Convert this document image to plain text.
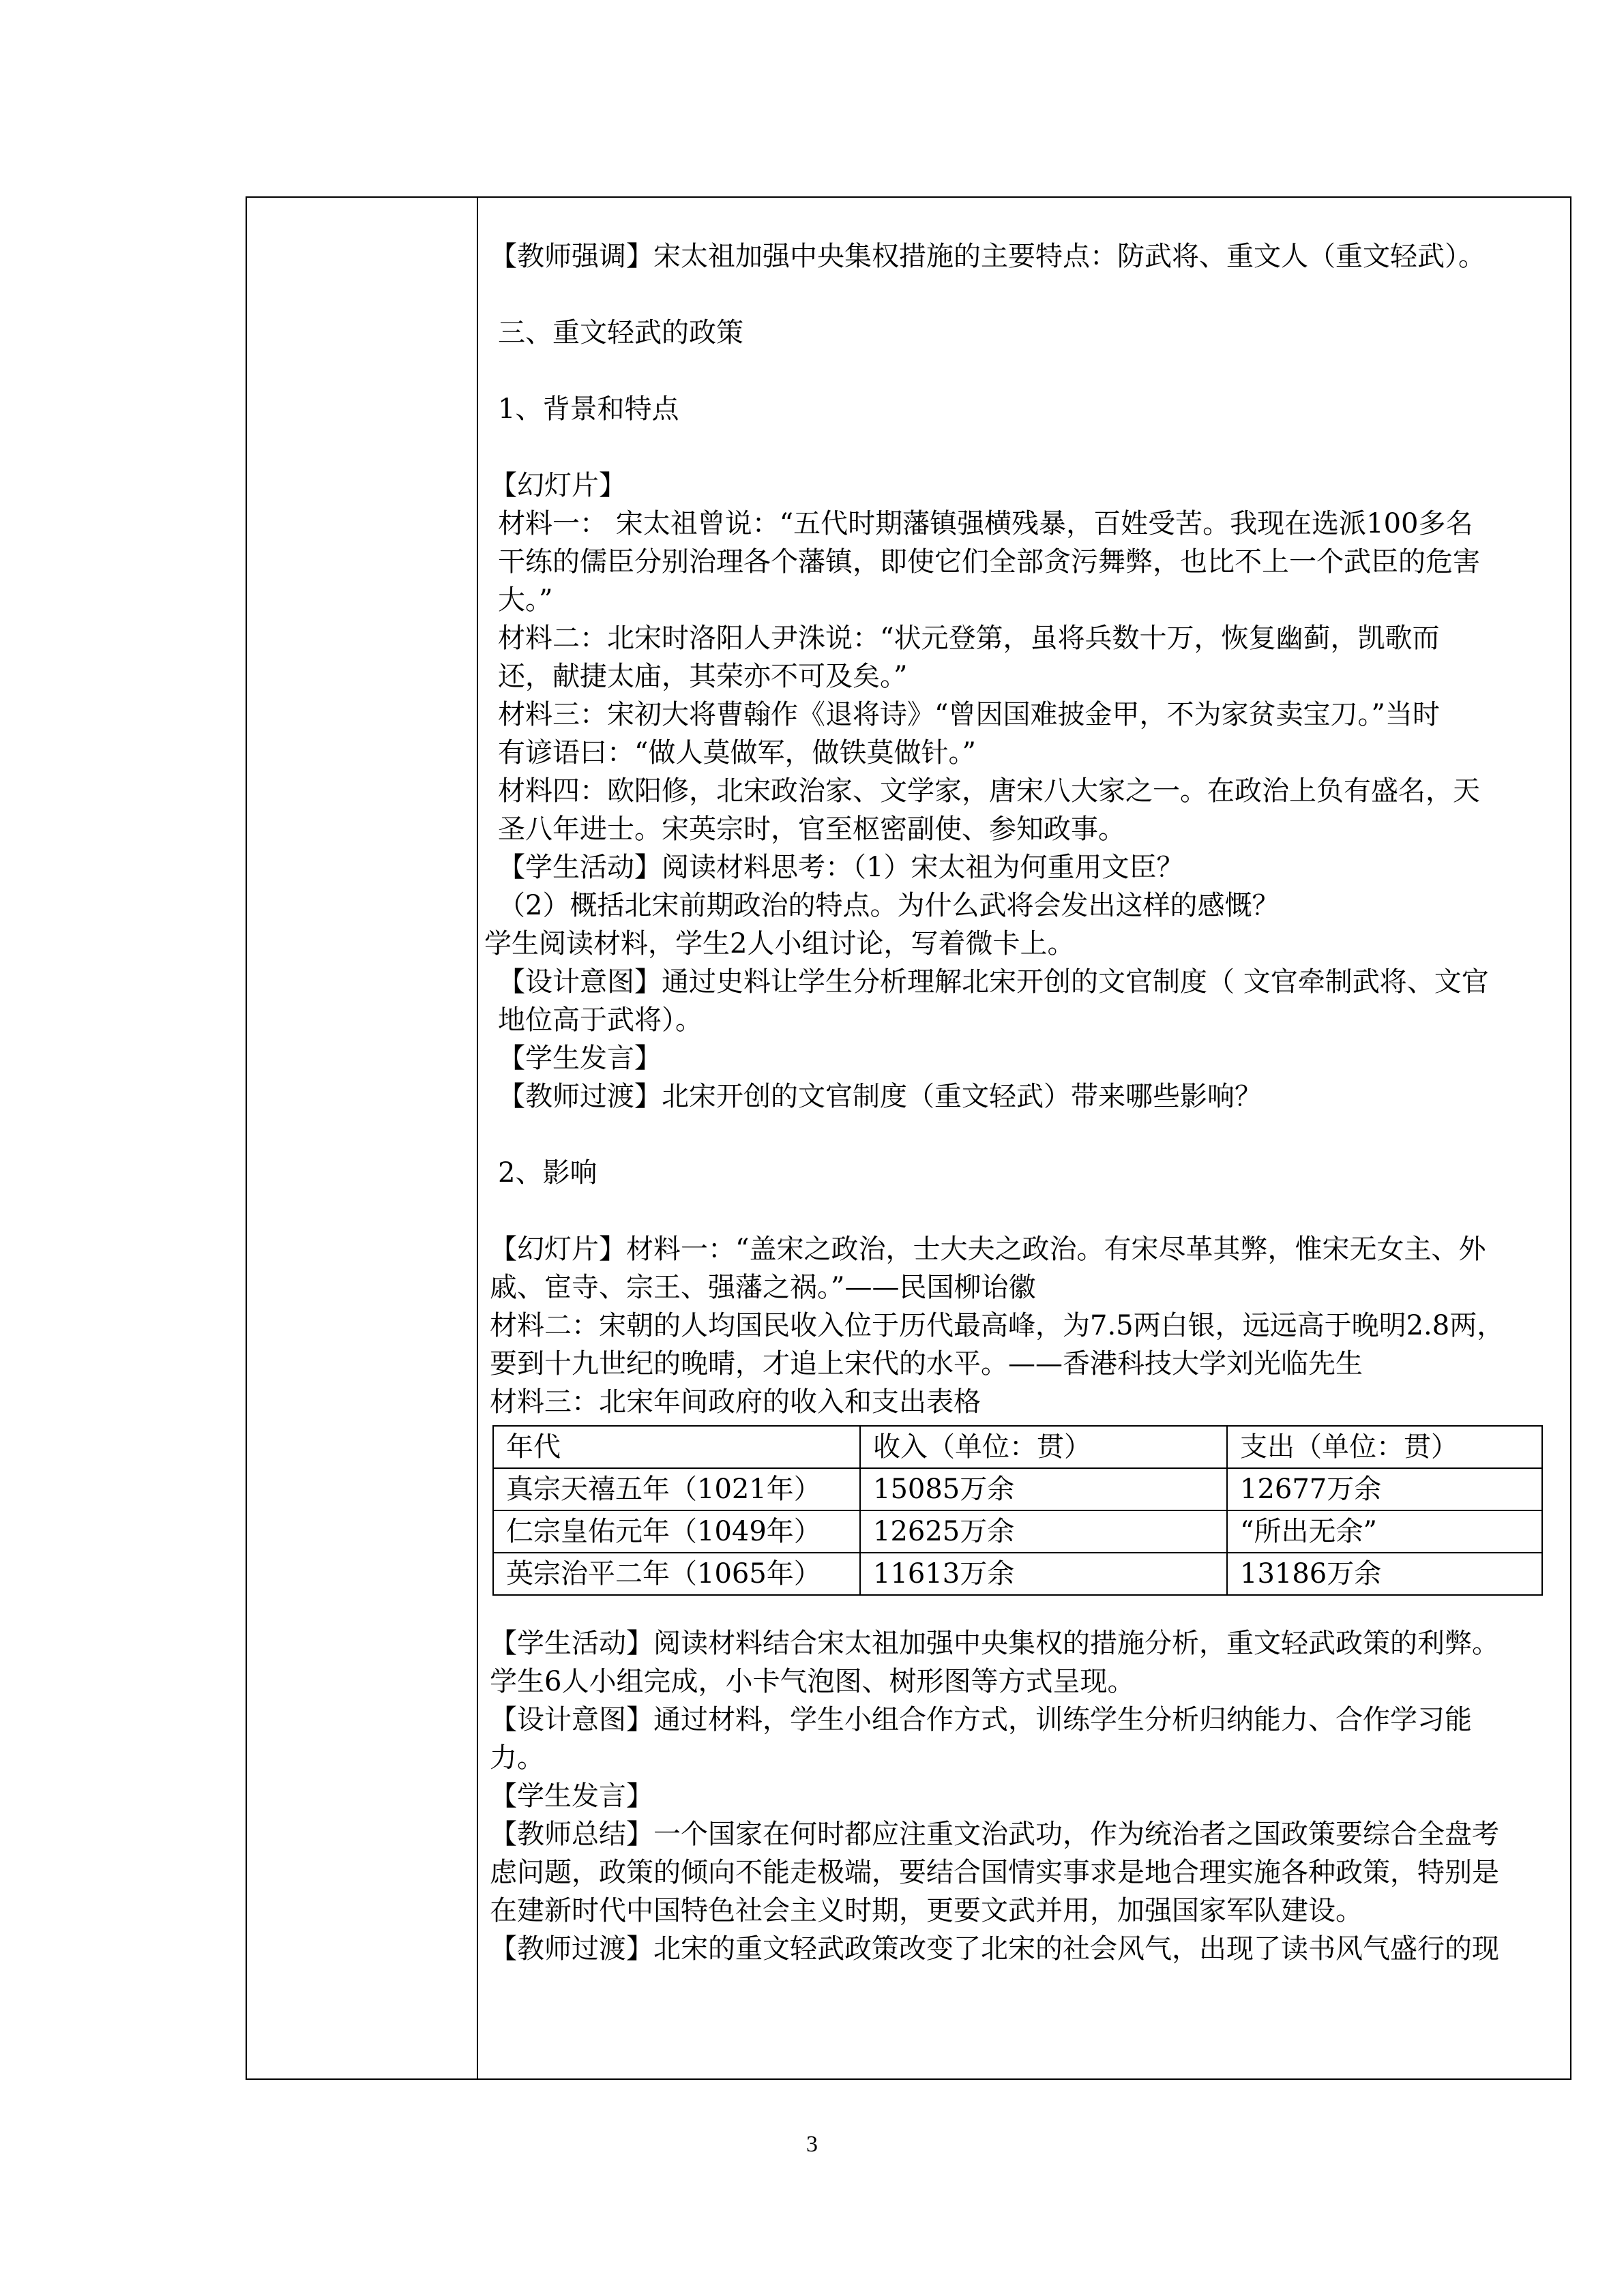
【教师强调】宋太祖加强中央集权措施的主要特点：防武将、重文人（重文轻武）。
三、重文轻武的政策
1、背景和特点
【幻灯片】
材料一： 宋太祖曾说：“五代时期藩镇强横残暴，百姓受苦。我现在选派100多名
干练的儒臣分别治理各个藩镇，即使它们全部贪污舞弊，也比不上一个武臣的危害
大。”
材料二：北宋时洛阳人尹洙说：“状元登第，虽将兵数十万，恢复幽蓟，凯歌而
还，献捷太庙，其荣亦不可及矣。”
材料三：宋初大将曹翰作《退将诗》“曾因国难披金甲，不为家贫卖宝刀。”当时
有谚语曰：“做人莫做军，做铁莫做针。”
材料四：欧阳修，北宋政治家、文学家，唐宋八大家之一。在政治上负有盛名，天
圣八年进士。宋英宗时，官至枢密副使、参知政事。
【学生活动】阅读材料思考：（1）宋太祖为何重用文臣？
（2）概括北宋前期政治的特点。为什么武将会发出这样的感慨？
学生阅读材料，学生2人小组讨论，写着微卡上。
【设计意图】通过史料让学生分析理解北宋开创的文官制度（ 文官牵制武将、文官
地位高于武将）。
【学生发言】
【教师过渡】北宋开创的文官制度（重文轻武）带来哪些影响？
2、影响
【幻灯片】材料一：“盖宋之政治，士大夫之政治。有宋尽革其弊，惟宋无女主、外
戚、宦寺、宗王、强藩之祸。”——民国柳诒徽
材料二：宋朝的人均国民收入位于历代最高峰，为7.5两白银，远远高于晚明2.8两，
要到十九世纪的晚晴，才追上宋代的水平。——香港科技大学刘光临先生
材料三：北宋年间政府的收入和支出表格
年代	收入（单位：贯）	支出（单位：贯）
真宗天禧五年（1021年）	15085万余	12677万余
仁宗皇佑元年（1049年）	12625万余	“所出无余”
英宗治平二年（1065年）	11613万余	13186万余
【学生活动】阅读材料结合宋太祖加强中央集权的措施分析，重文轻武政策的利弊。
学生6人小组完成，小卡气泡图、树形图等方式呈现。
【设计意图】通过材料，学生小组合作方式，训练学生分析归纳能力、合作学习能
力。
【学生发言】
【教师总结】一个国家在何时都应注重文治武功，作为统治者之国政策要综合全盘考
虑问题，政策的倾向不能走极端，要结合国情实事求是地合理实施各种政策，特别是
在建新时代中国特色社会主义时期，更要文武并用，加强国家军队建设。
【教师过渡】北宋的重文轻武政策改变了北宋的社会风气，出现了读书风气盛行的现
3
